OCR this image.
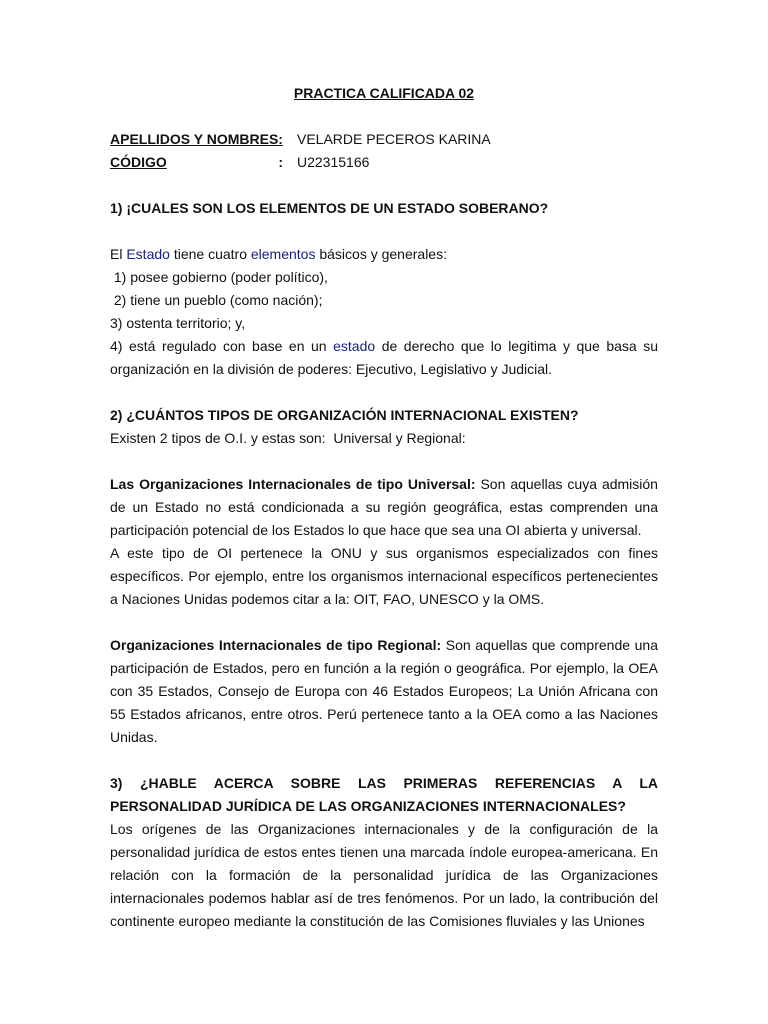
PRACTICA CALIFICADA 02
APELLIDOS Y NOMBRES: VELARDE PECEROS KARINA
CÓDIGO	: U22315166

1) ¡CUALES SON LOS ELEMENTOS DE UN ESTADO SOBERANO?

El Estado tiene cuatro elementos básicos y generales:

1) posee gobierno (poder político),

2) tiene un pueblo (como nación);

3) ostenta territorio; y,

4) está regulado con base en un estado de derecho que lo legitima y que basa su organización en la división de poderes: Ejecutivo, Legislativo y Judicial.

2) ¿CUÁNTOS TIPOS DE ORGANIZACIÓN INTERNACIONAL EXISTEN?

Existen 2 tipos de O.I. y estas son:  Universal y Regional:

Las Organizaciones Internacionales de tipo Universal: Son aquellas cuya admisión de un Estado no está condicionada a su región geográfica, estas comprenden una participación potencial de los Estados lo que hace que sea una OI abierta y universal.

A este tipo de OI pertenece la ONU y sus organismos especializados con fines específicos. Por ejemplo, entre los organismos internacional específicos pertenecientes a Naciones Unidas podemos citar a la: OIT, FAO, UNESCO y la OMS.

Organizaciones Internacionales de tipo Regional: Son aquellas que comprende una participación de Estados, pero en función a la región o geográfica. Por ejemplo, la OEA con 35 Estados, Consejo de Europa con 46 Estados Europeos; La Unión Africana con 55 Estados africanos, entre otros. Perú pertenece tanto a la OEA como a las Naciones Unidas.

3) ¿HABLE ACERCA SOBRE LAS PRIMERAS REFERENCIAS A LA PERSONALIDAD JURÍDICA DE LAS ORGANIZACIONES INTERNACIONALES?

Los orígenes de las Organizaciones internacionales y de la configuración de la personalidad jurídica de estos entes tienen una marcada índole europea-americana. En relación con la formación de la personalidad jurídica de las Organizaciones internacionales podemos hablar así de tres fenómenos. Por un lado, la contribución del continente europeo mediante la constitución de las Comisiones fluviales y las Uniones
